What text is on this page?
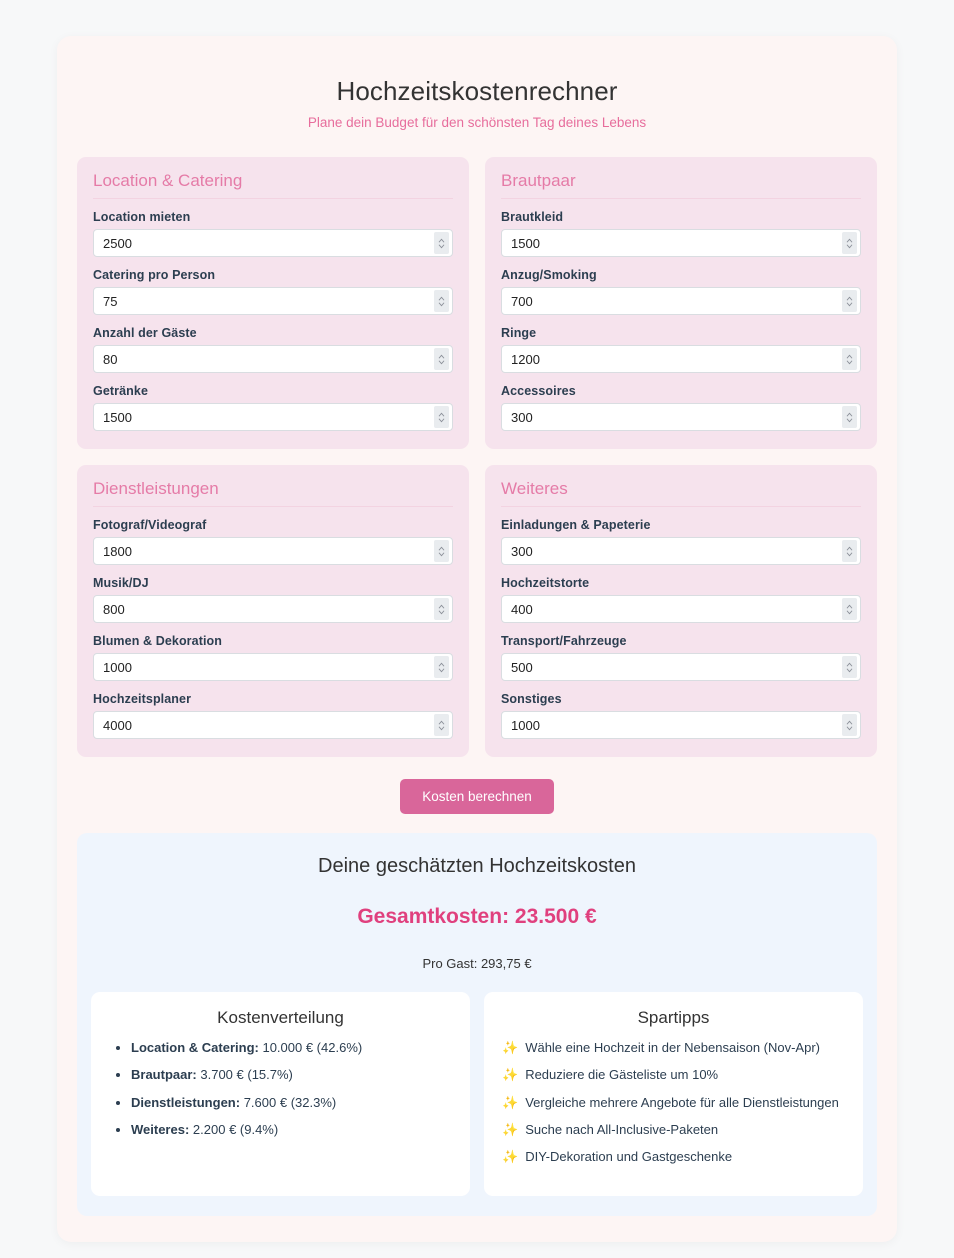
Hochzeitskostenrechner

Plane dein Budget für den schönsten Tag deines Lebens

Location & Catering
Location mieten
2500
Catering pro Person
75
Anzahl der Gäste
80
Getränke
1500
Brautpaar
Brautkleid
1500
Anzug/Smoking
700
Ringe
1200
Accessoires
300
Dienstleistungen
Fotograf/Videograf
1800
Musik/DJ
800
Blumen & Dekoration
1000
Hochzeitsplaner
4000
Weiteres
Einladungen & Papeterie
300
Hochzeitstorte
400
Transport/Fahrzeuge
500
Sonstiges
1000
Kosten berechnen
Deine geschätzten Hochzeitskosten

Gesamtkosten: 23.500 €

Pro Gast: 293,75 €

Kostenverteilung
• Location & Catering: 10.000 € (42.6%)
• Brautpaar: 3.700 € (15.7%)
• Dienstleistungen: 7.600 € (32.3%)
• Weiteres: 2.200 € (9.4%)
Spartipps
✨ Wähle eine Hochzeit in der Nebensaison (Nov-Apr)
✨ Reduziere die Gästeliste um 10%
✨ Vergleiche mehrere Angebote für alle Dienstleistungen
✨ Suche nach All-Inclusive-Paketen
✨ DIY-Dekoration und Gastgeschenke
